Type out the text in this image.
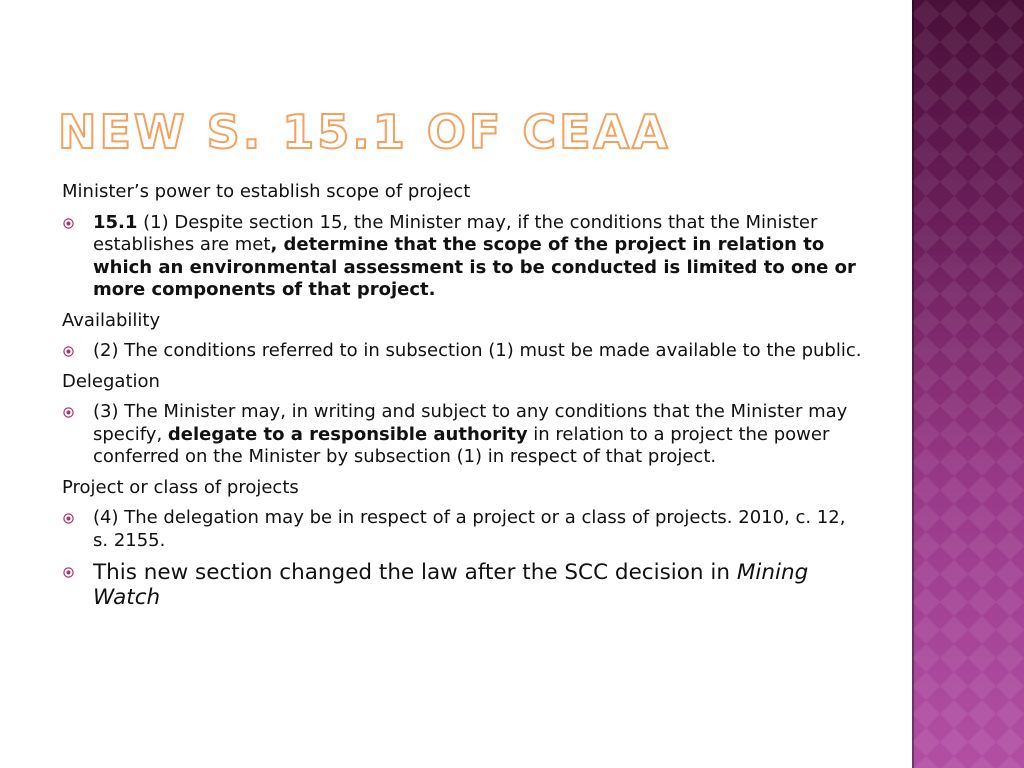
NEW S. 15.1 OF CEAA

Minister’s power to establish scope of project

15.1 (1) Despite section 15, the Minister may, if the conditions that the Minister establishes are met, determine that the scope of the project in relation to which an environmental assessment is to be conducted is limited to one or more components of that project.

Availability

(2) The conditions referred to in subsection (1) must be made available to the public.

Delegation

(3) The Minister may, in writing and subject to any conditions that the Minister may specify, delegate to a responsible authority in relation to a project the power conferred on the Minister by subsection (1) in respect of that project.

Project or class of projects

(4) The delegation may be in respect of a project or a class of projects. 2010, c. 12, s. 2155.
This new section changed the law after the SCC decision in Mining Watch
